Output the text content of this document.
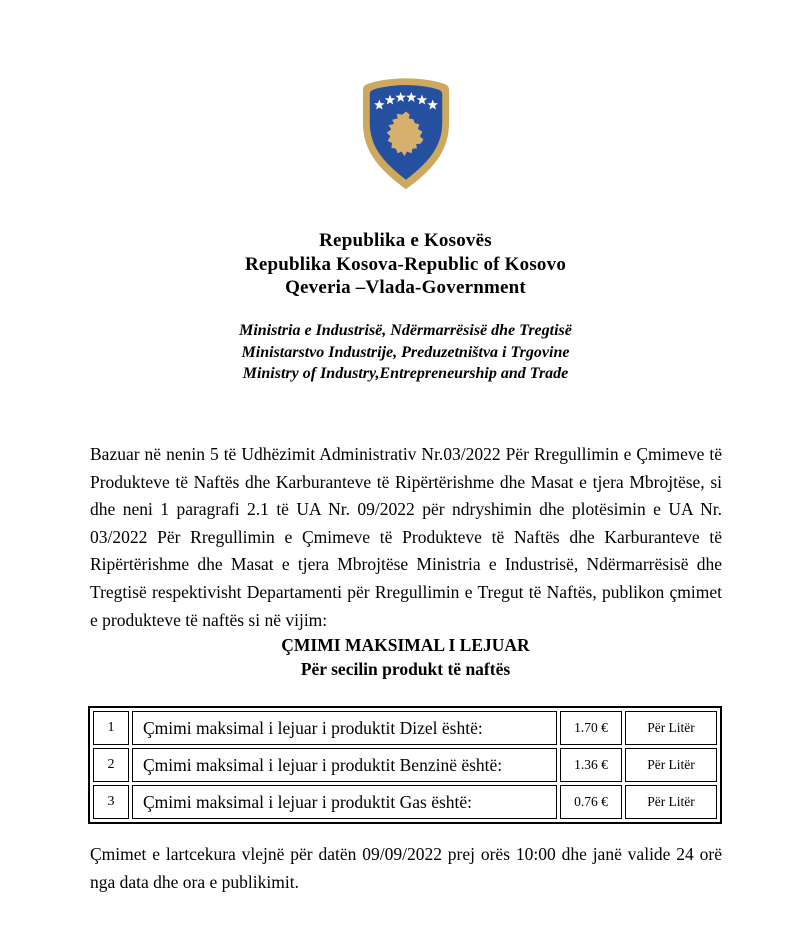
Republika e Kosovës
Republika Kosova-Republic of Kosovo
Qeveria –Vlada-Government
Ministria e Industrisë, Ndërmarrësisë dhe Tregtisë
Ministarstvo Industrije, Preduzetništva i Trgovine
Ministry of Industry,Entrepreneurship and Trade

Bazuar në nenin 5 të Udhëzimit Administrativ Nr.03/2022 Për Rregullimin e Çmimeve të Produkteve të Naftës dhe Karburanteve të Ripërtërishme dhe Masat e tjera Mbrojtëse, si dhe neni 1 paragrafi 2.1 të UA Nr. 09/2022 për ndryshimin dhe plotësimin e UA Nr. 03/2022 Për Rregullimin e Çmimeve të Produkteve të Naftës dhe Karburanteve të Ripërtërishme dhe Masat e tjera Mbrojtëse Ministria e Industrisë, Ndërmarrësisë dhe Tregtisë respektivisht Departamenti për Rregullimin e Tregut të Naftës, publikon çmimet e produkteve të naftës si në vijim:

ÇMIMI MAKSIMAL I LEJUAR
Për secilin produkt të naftës
1	Çmimi maksimal i lejuar i produktit Dizel është:	1.70 €	Për Litër
2	Çmimi maksimal i lejuar i produktit Benzinë është:	1.36 €	Për Litër
3	Çmimi maksimal i lejuar i produktit Gas është:	0.76 €	Për Litër

Çmimet e lartcekura vlejnë për datën 09/09/2022 prej orës 10:00 dhe janë valide 24 orë nga data dhe ora e publikimit.
